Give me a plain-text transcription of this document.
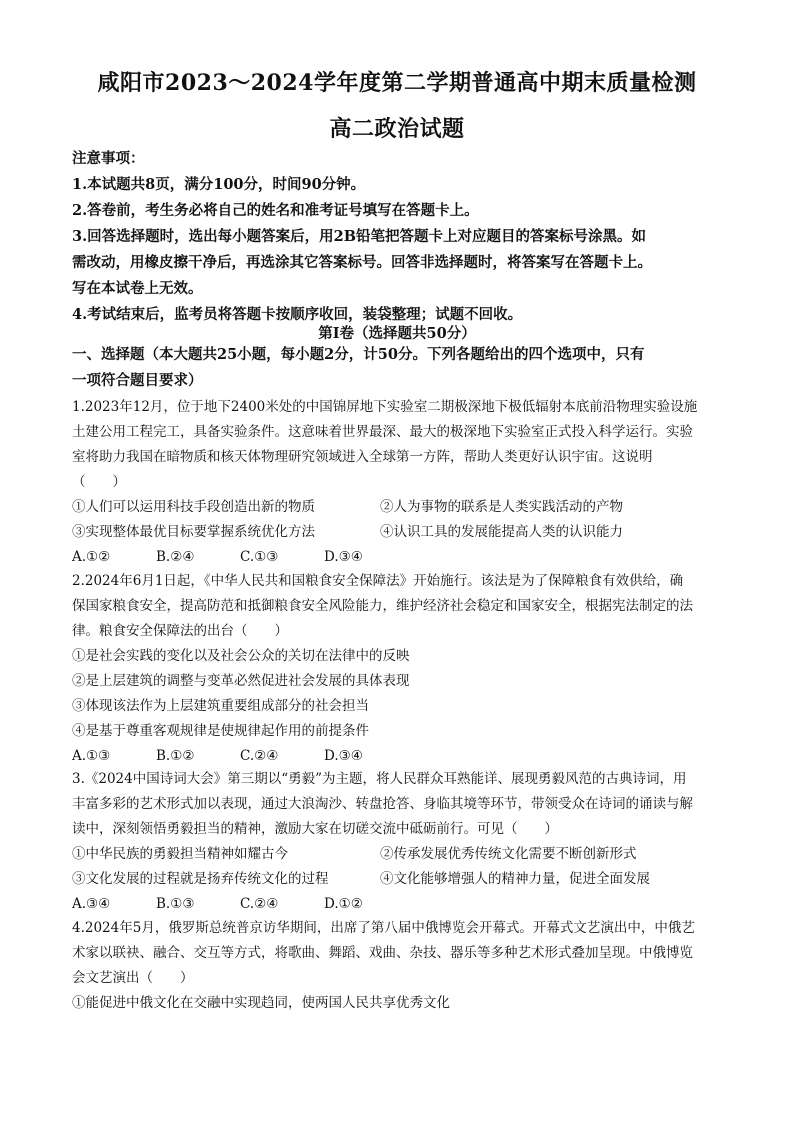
咸阳市2023～2024学年度第二学期普通高中期末质量检测
高二政治试题
注意事项：
1.本试题共8页，满分100分，时间90分钟。
2.答卷前，考生务必将自己的姓名和准考证号填写在答题卡上。
3.回答选择题时，选出每小题答案后，用2B铅笔把答题卡上对应题目的答案标号涂黑。如
需改动，用橡皮擦干净后，再选涂其它答案标号。回答非选择题时，将答案写在答题卡上。
写在本试卷上无效。
4.考试结束后，监考员将答题卡按顺序收回，装袋整理；试题不回收。
第Ⅰ卷（选择题共50分）
一、选择题（本大题共25小题，每小题2分，计50分。下列各题给出的四个选项中，只有
一项符合题目要求）
1.2023年12月，位于地下2400米处的中国锦屏地下实验室二期极深地下极低辐射本底前沿物理实验设施
土建公用工程完工，具备实验条件。这意味着世界最深、最大的极深地下实验室正式投入科学运行。实验
室将助力我国在暗物质和核天体物理研究领域进入全球第一方阵，帮助人类更好认识宇宙。这说明
（　　）
①人们可以运用科技手段创造出新的物质	②人为事物的联系是人类实践活动的产物
③实现整体最优目标要掌握系统优化方法	④认识工具的发展能提高人类的认识能力
A.①②	B.②④	C.①③	D.③④
2.2024年6月1日起，《中华人民共和国粮食安全保障法》开始施行。该法是为了保障粮食有效供给，确
保国家粮食安全，提高防范和抵御粮食安全风险能力，维护经济社会稳定和国家安全，根据宪法制定的法
律。粮食安全保障法的出台（　　）
①是社会实践的变化以及社会公众的关切在法律中的反映
②是上层建筑的调整与变革必然促进社会发展的具体表现
③体现该法作为上层建筑重要组成部分的社会担当
④是基于尊重客观规律是使规律起作用的前提条件
A.①③	B.①②	C.②④	D.③④
3.《2024中国诗词大会》第三期以“勇毅”为主题，将人民群众耳熟能详、展现勇毅风范的古典诗词，用
丰富多彩的艺术形式加以表现，通过大浪淘沙、转盘抢答、身临其境等环节，带领受众在诗词的诵读与解
读中，深刻领悟勇毅担当的精神，激励大家在切磋交流中砥砺前行。可见（　　）
①中华民族的勇毅担当精神如耀古今	②传承发展优秀传统文化需要不断创新形式
③文化发展的过程就是扬弃传统文化的过程	④文化能够增强人的精神力量，促进全面发展
A.③④	B.①③	C.②④	D.①②
4.2024年5月，俄罗斯总统普京访华期间，出席了第八届中俄博览会开幕式。开幕式文艺演出中，中俄艺
术家以联袂、融合、交互等方式，将歌曲、舞蹈、戏曲、杂技、器乐等多种艺术形式叠加呈现。中俄博览
会文艺演出（　　）
①能促进中俄文化在交融中实现趋同，使两国人民共享优秀文化
